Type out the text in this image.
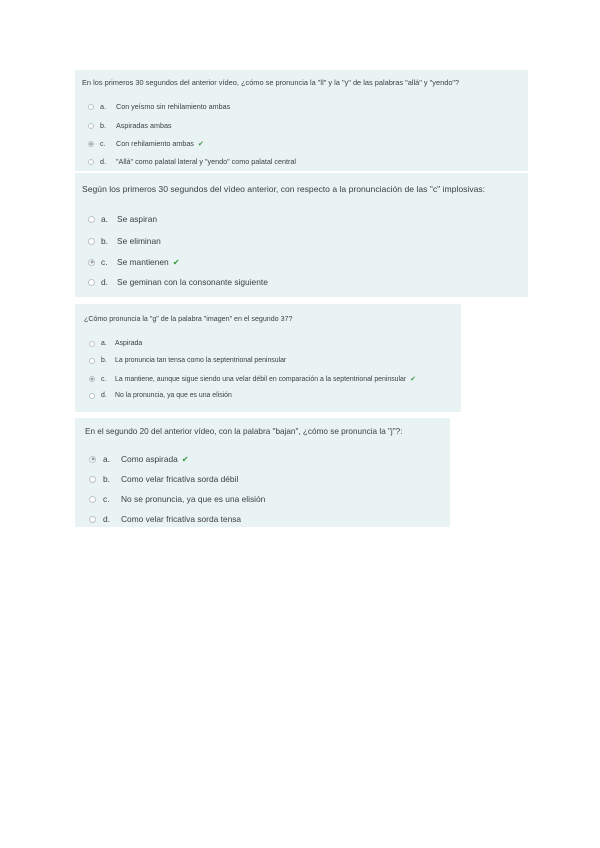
En los primeros 30 segundos del anterior vídeo, ¿cómo se pronuncia la "ll" y la "y" de las palabras "allá" y "yendo"?
a.	Con yeísmo sin rehilamiento ambas
b.	Aspiradas ambas
c.	Con rehilamiento ambas ✔
d.	"Allá" como palatal lateral y "yendo" como palatal central
Según los primeros 30 segundos del vídeo anterior, con respecto a la pronunciación de las "c" implosivas:
a.	Se aspiran
b.	Se eliminan
c.	Se mantienen ✔
d.	Se geminan con la consonante siguiente
¿Cómo pronuncia la "g" de la palabra "imagen" en el segundo 37?
a.	Aspirada
b.	La pronuncia tan tensa como la septentrional peninsular
c.	La mantiene, aunque sigue siendo una velar débil en comparación a la septentrional peninsular ✔
d.	No la pronuncia, ya que es una elisión
En el segundo 20 del anterior vídeo, con la palabra "bajan", ¿cómo se pronuncia la "j"?:
a.	Como aspirada ✔
b.	Como velar fricativa sorda débil
c.	No se pronuncia, ya que es una elisión
d.	Como velar fricativa sorda tensa
